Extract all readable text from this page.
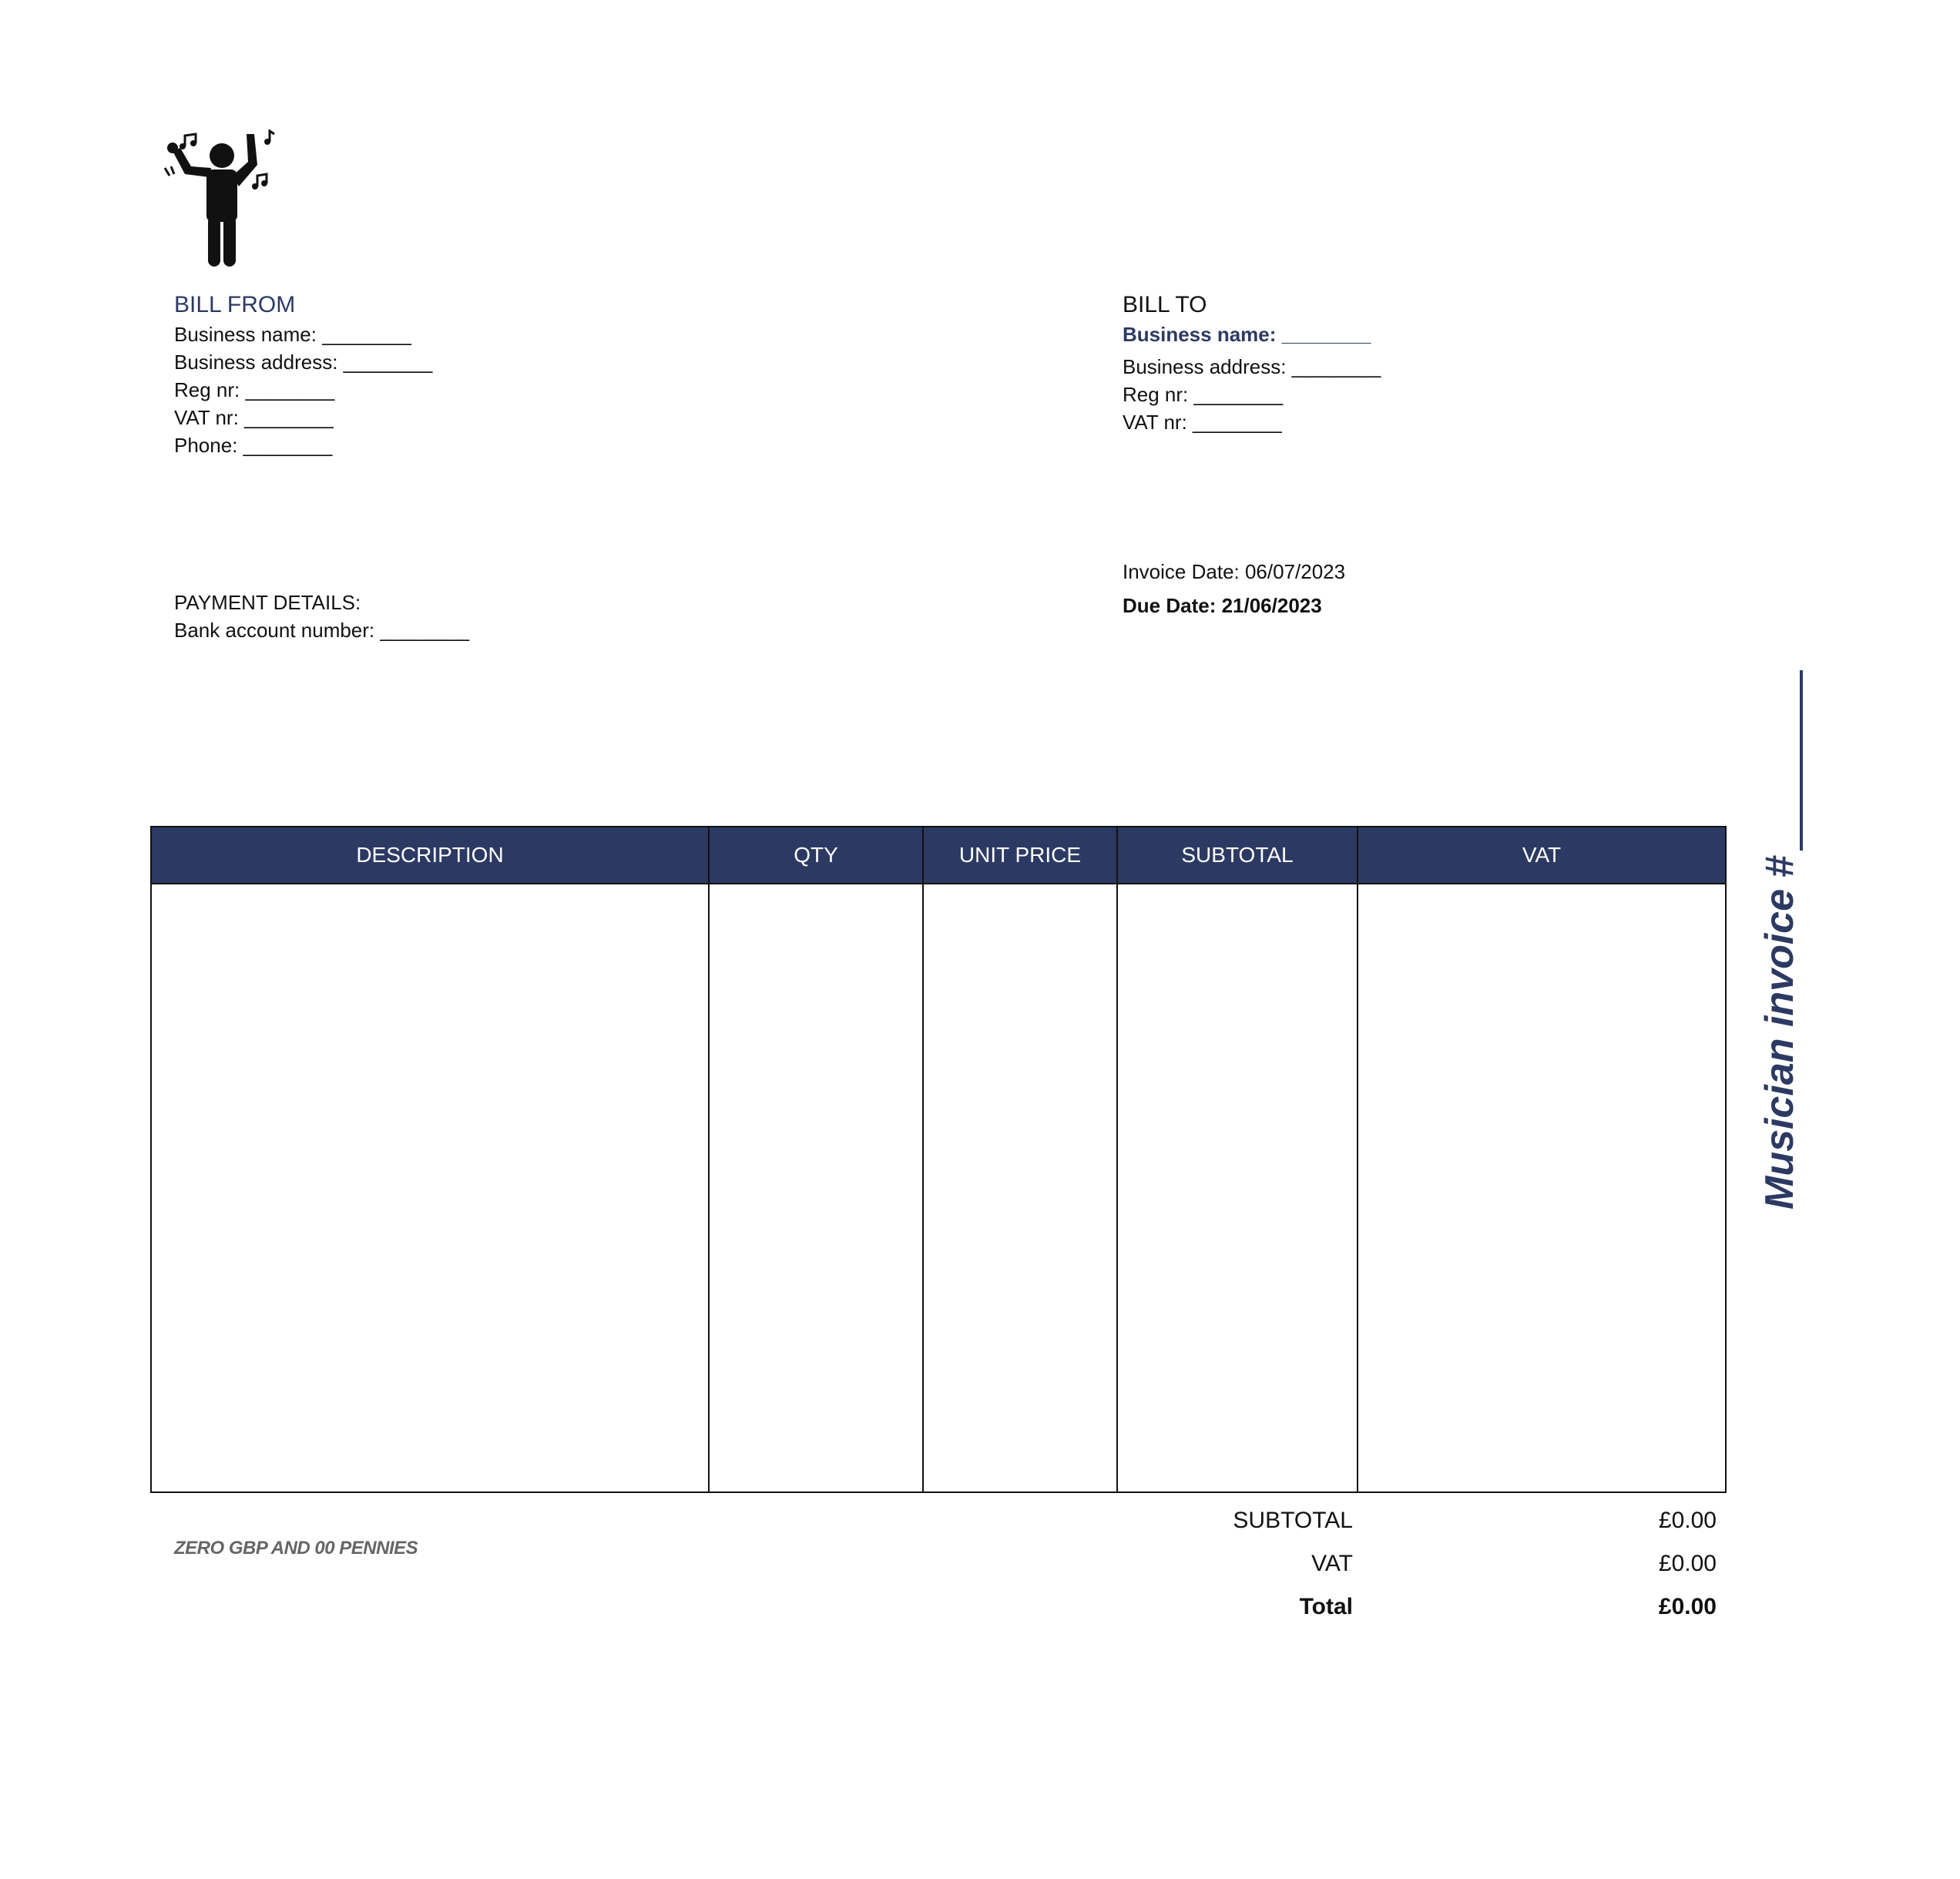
BILL FROM
Business name: ________
Business address: ________
Reg nr: ________
VAT nr: ________
Phone: ________
BILL TO
Business name: ________
Business address: ________
Reg nr: ________
VAT nr: ________
PAYMENT DETAILS:
Bank account number: ________
Invoice Date: 06/07/2023
Due Date: 21/06/2023
DESCRIPTION	QTY	UNIT PRICE	SUBTOTAL	VAT

ZERO GBP AND 00 PENNIES
SUBTOTAL	£0.00
VAT	£0.00
Total	£0.00
Musician invoice #
